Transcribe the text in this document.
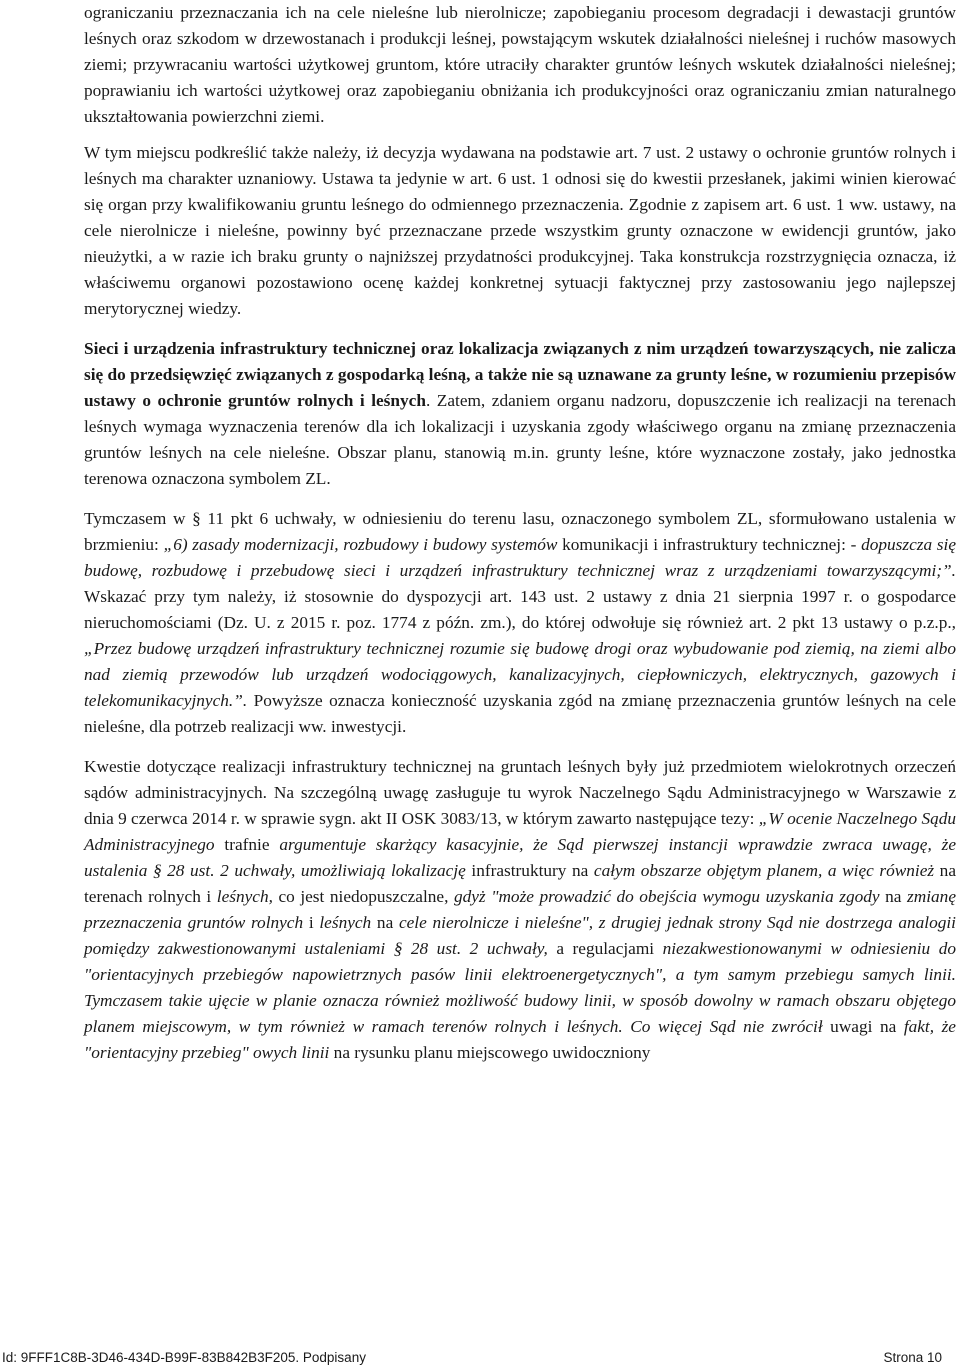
ograniczaniu przeznaczania ich na cele nieleśne lub nierolnicze; zapobieganiu procesom degradacji i dewastacji gruntów leśnych oraz szkodom w drzewostanach i produkcji leśnej, powstającym wskutek działalności nieleśnej i ruchów masowych ziemi; przywracaniu wartości użytkowej gruntom, które utraciły charakter gruntów leśnych wskutek działalności nieleśnej; poprawianiu ich wartości użytkowej oraz zapobieganiu obniżania ich produkcyjności oraz ograniczaniu zmian naturalnego ukształtowania powierzchni ziemi.

W tym miejscu podkreślić także należy, iż decyzja wydawana na podstawie art. 7 ust. 2 ustawy o ochronie gruntów rolnych i leśnych ma charakter uznaniowy. Ustawa ta jedynie w art. 6 ust. 1 odnosi się do kwestii przesłanek, jakimi winien kierować się organ przy kwalifikowaniu gruntu leśnego do odmiennego przeznaczenia. Zgodnie z zapisem art. 6 ust. 1 ww. ustawy, na cele nierolnicze i nieleśne, powinny być przeznaczane przede wszystkim grunty oznaczone w ewidencji gruntów, jako nieużytki, a w razie ich braku grunty o najniższej przydatności produkcyjnej. Taka konstrukcja rozstrzygnięcia oznacza, iż właściwemu organowi pozostawiono ocenę każdej konkretnej sytuacji faktycznej przy zastosowaniu jego najlepszej merytorycznej wiedzy.

Sieci i urządzenia infrastruktury technicznej oraz lokalizacja związanych z nim urządzeń towarzyszących, nie zalicza się do przedsięwzięć związanych z gospodarką leśną, a także nie są uznawane za grunty leśne, w rozumieniu przepisów ustawy o ochronie gruntów rolnych i leśnych. Zatem, zdaniem organu nadzoru, dopuszczenie ich realizacji na terenach leśnych wymaga wyznaczenia terenów dla ich lokalizacji i uzyskania zgody właściwego organu na zmianę przeznaczenia gruntów leśnych na cele nieleśne. Obszar planu, stanowią m.in. grunty leśne, które wyznaczone zostały, jako jednostka terenowa oznaczona symbolem ZL.

Tymczasem w § 11 pkt 6 uchwały, w odniesieniu do terenu lasu, oznaczonego symbolem ZL, sformułowano ustalenia w brzmieniu: „6) zasady modernizacji, rozbudowy i budowy systemów komunikacji i infrastruktury technicznej: - dopuszcza się budowę, rozbudowę i przebudowę sieci i urządzeń infrastruktury technicznej wraz z urządzeniami towarzyszącymi;”. Wskazać przy tym należy, iż stosownie do dyspozycji art. 143 ust. 2 ustawy z dnia 21 sierpnia 1997 r. o gospodarce nieruchomościami (Dz. U. z 2015 r. poz. 1774 z późn. zm.), do której odwołuje się również art. 2 pkt 13 ustawy o p.z.p., „Przez budowę urządzeń infrastruktury technicznej rozumie się budowę drogi oraz wybudowanie pod ziemią, na ziemi albo nad ziemią przewodów lub urządzeń wodociągowych, kanalizacyjnych, ciepłowniczych, elektrycznych, gazowych i telekomunikacyjnych.”. Powyższe oznacza konieczność uzyskania zgód na zmianę przeznaczenia gruntów leśnych na cele nieleśne, dla potrzeb realizacji ww. inwestycji.

Kwestie dotyczące realizacji infrastruktury technicznej na gruntach leśnych były już przedmiotem wielokrotnych orzeczeń sądów administracyjnych. Na szczególną uwagę zasługuje tu wyrok Naczelnego Sądu Administracyjnego w Warszawie z dnia 9 czerwca 2014 r. w sprawie sygn. akt II OSK 3083/13, w którym zawarto następujące tezy: „W ocenie Naczelnego Sądu Administracyjnego trafnie argumentuje skarżący kasacyjnie, że Sąd pierwszej instancji wprawdzie zwraca uwagę, że ustalenia § 28 ust. 2 uchwały, umożliwiają lokalizację infrastruktury na całym obszarze objętym planem, a więc również na terenach rolnych i leśnych, co jest niedopuszczalne, gdyż "może prowadzić do obejścia wymogu uzyskania zgody na zmianę przeznaczenia gruntów rolnych i leśnych na cele nierolnicze i nieleśne", z drugiej jednak strony Sąd nie dostrzega analogii pomiędzy zakwestionowanymi ustaleniami § 28 ust. 2 uchwały, a regulacjami niezakwestionowanymi w odniesieniu do "orientacyjnych przebiegów napowietrznych pasów linii elektroenergetycznych", a tym samym przebiegu samych linii. Tymczasem takie ujęcie w planie oznacza również możliwość budowy linii, w sposób dowolny w ramach obszaru objętego planem miejscowym, w tym również w ramach terenów rolnych i leśnych. Co więcej Sąd nie zwrócił uwagi na fakt, że "orientacyjny przebieg" owych linii na rysunku planu miejscowego uwidoczniony

Id: 9FFF1C8B-3D46-434D-B99F-83B842B3F205. Podpisany	Strona 10
